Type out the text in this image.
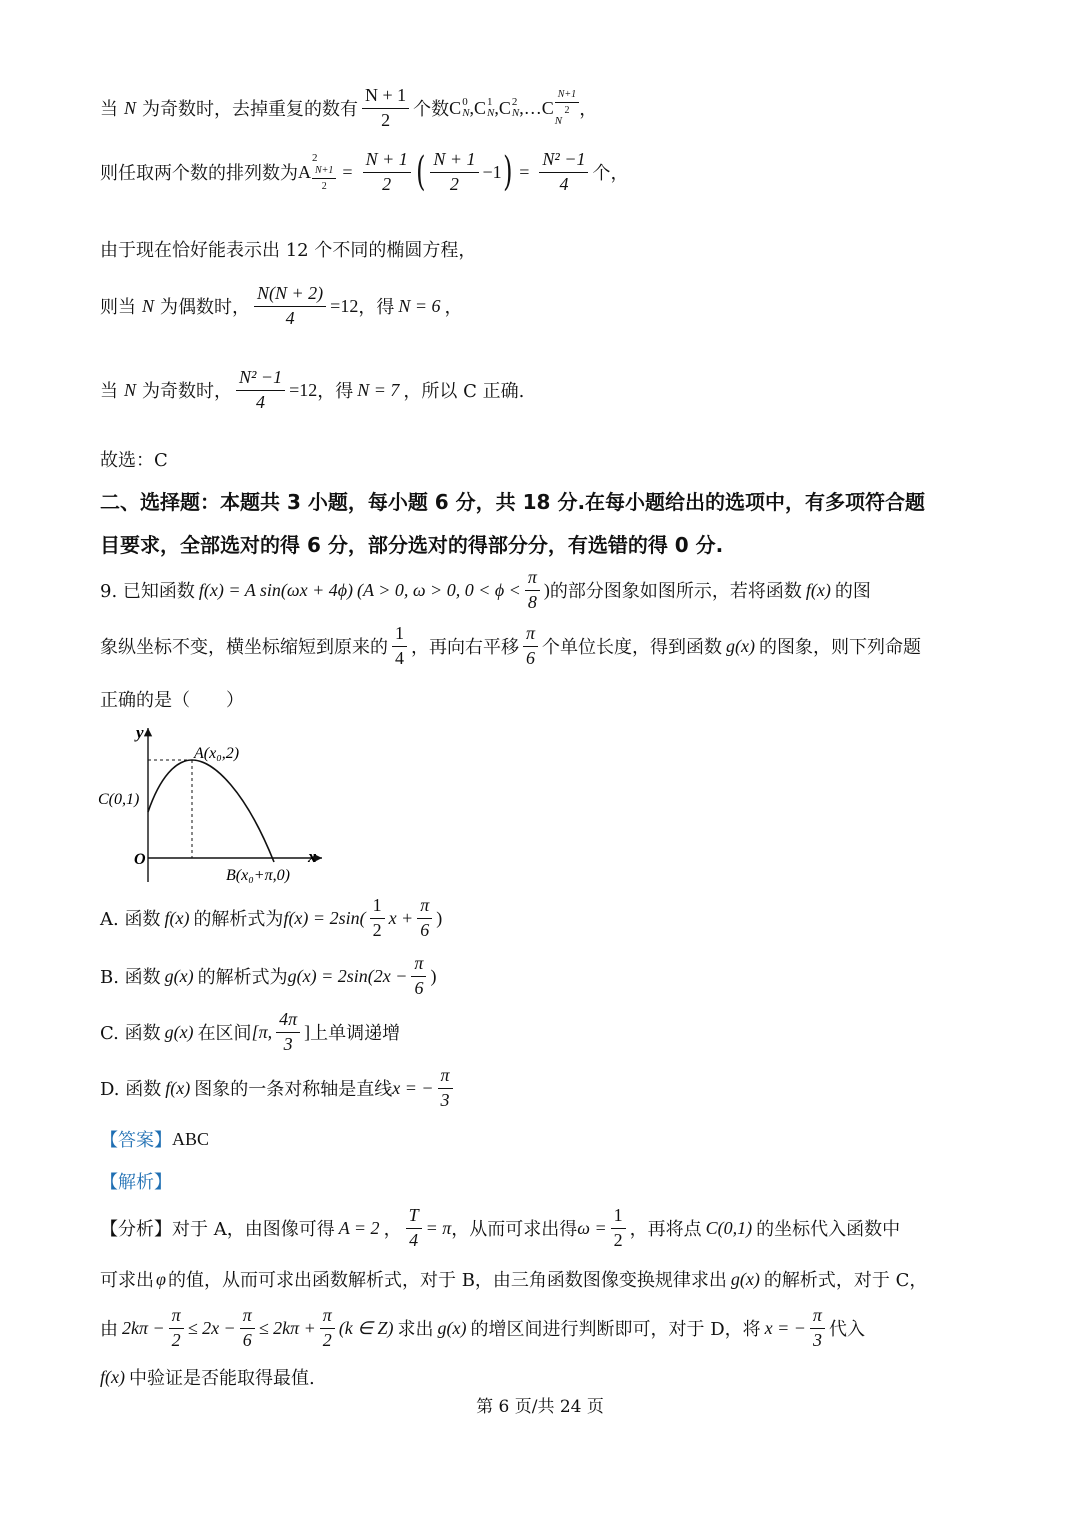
当 N 为奇数时，去掉重复的数有 $\frac{N + 1}{2}$ 个数 C 0
N , C 1
N , C 2
N , … C $\frac{N+1}{2}$
N
，
则任取两个数的排列数为 A
2
$\frac{N+1}{2} = \frac{N + 1}{2}$ ( $\frac{N + 1}{2} -1$ ) = $\frac{\text{N² −1}}{4}$ 个，
由于现在恰好能表示出 12 个不同的椭圆方程，
则当 N 为偶数时， $\frac{N(N + 2)}{4} =12$ ，得 N = 6 ，
当 N 为奇数时， $\frac{\text{N² −1}}{4} =12$ ，得 N = 7 ，所以 C 正确.
故选：C
二、选择题：本题共 3 小题，每小题 6 分，共 18 分.在每小题给出的选项中，有多项符合题
目要求，全部选对的得 6 分，部分选对的得部分分，有选错的得 0 分.
9. 已知函数 f(x) = A sin(ωx + 4ϕ) (A > 0, ω > 0, $0 < \phi < \frac{\pi}{8}$ ) 的部分图象如图所示，若将函数 f(x) 的图
象纵坐标不变，横坐标缩短到原来的 $\frac{1}{4}$ ，再向右平移 $\frac{\pi}{6}$ 个单位长度，得到函数 g(x) 的图象，则下列命题
正确的是（　　）
y
x
O
A(x₀,2)
C(0,1)
B(x₀+π,0)
A. 函数 f(x) 的解析式为 $f(x) = 2\sin( \frac{1}{2}$ $x + \frac{\pi}{6}$ )
B. 函数 g(x) 的解析式为 $g(x) = 2\sin(2x - \frac{\pi}{6}$ )
C. 函数 g(x) 在区间 [π, $\frac{4\pi}{3}$ ] 上单调递增
D. 函数 f(x) 图象的一条对称轴是直线 x = − $\frac{\pi}{3}$
【答案】 ABC
【解析】
【分析】对于 A，由图像可得 A = 2 ， $\frac{T}{4} = \pi$ ，从而可求出得 $\omega = \frac{1}{2}$ ，再将点 C(0,1) 的坐标代入函数中
可求出 φ 的值，从而可求出函数解析式，对于 B，由三角函数图像变换规律求出 g(x) 的解析式，对于 C，
由 $2k\pi - \frac{\pi}{2} \le 2x - \frac{\pi}{6} \le 2k\pi + \frac{\pi}{2} (k$ ∈ Z) 求出 g(x) 的增区间进行判断即可，对于 D，将 x = − $\frac{\pi}{3}$ 代入
f(x) 中验证是否能取得最值.
第 6 页/共 24 页
